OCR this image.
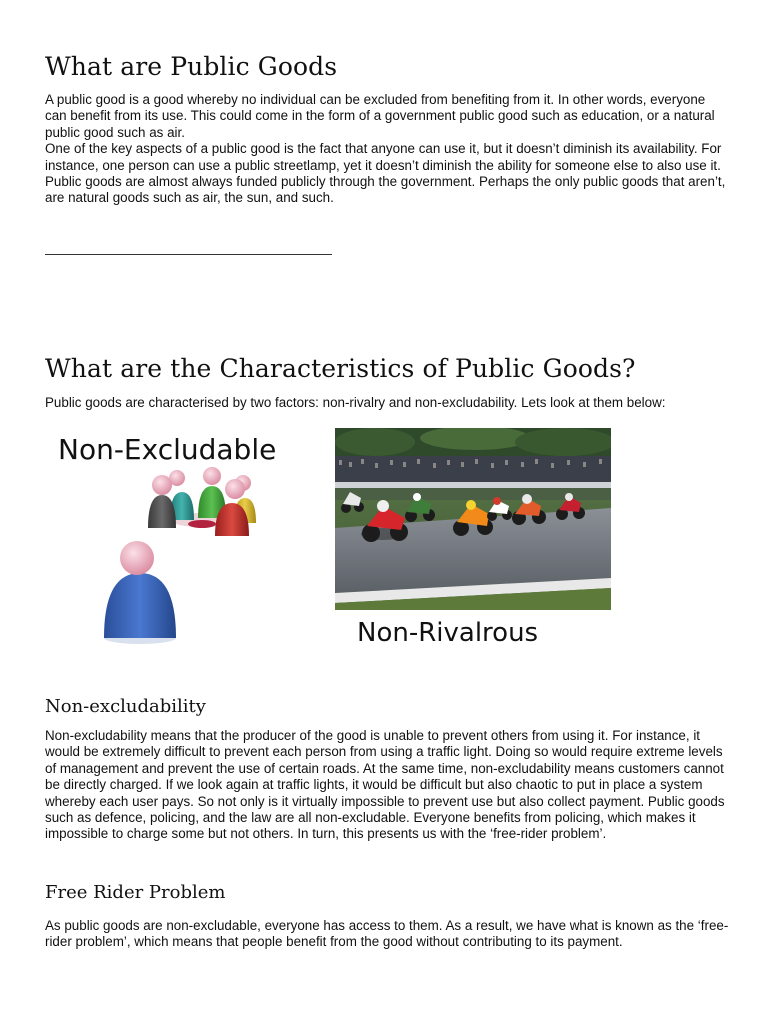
What are Public Goods

A public good is a good whereby no individual can be excluded from benefiting from it. In other words, everyone can benefit from its use. This could come in the form of a government public good such as education, or a natural public good such as air.

One of the key aspects of a public good is the fact that anyone can use it, but it doesn’t diminish its availability. For instance, one person can use a public streetlamp, yet it doesn’t diminish the ability for someone else to also use it.

Public goods are almost always funded publicly through the government. Perhaps the only public goods that aren’t, are natural goods such as air, the sun, and such.

What are the Characteristics of Public Goods?

Public goods are characterised by two factors: non-rivalry and non-excludability. Lets look at them below:

Non-excludability means that the producer of the good is unable to prevent others from using it. For instance, it would be extremely difficult to prevent each person from using a traffic light. Doing so would require extreme levels of management and prevent the use of certain roads. At the same time, non-excludability means customers cannot be directly charged. If we look again at traffic lights, it would be difficult but also chaotic to put in place a system whereby each user pays. So not only is it virtually impossible to prevent use but also collect payment. Public goods such as defence, policing, and the law are all non-excludable. Everyone benefits from policing, which makes it impossible to charge some but not others. In turn, this presents us with the ‘free-rider problem’.

Non-excludability
Free Rider Problem

As public goods are non-excludable, everyone has access to them. As a result, we have what is known as the ‘free-rider problem’, which means that people benefit from the good without contributing to its payment.

Non-Excludable
Non-Rivalrous
